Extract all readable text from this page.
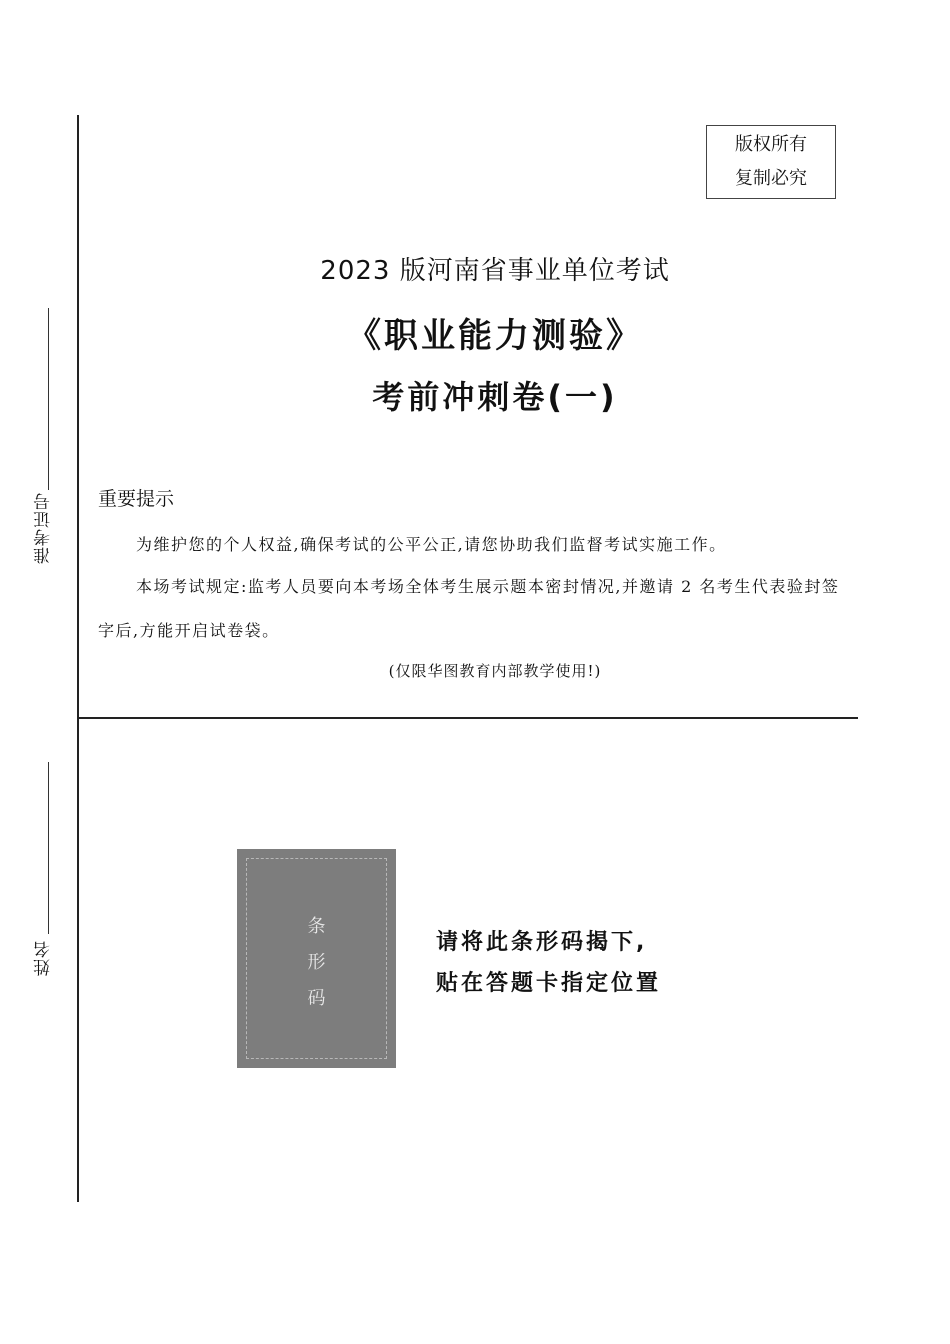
准考证号
姓名
版权所有
复制必究
2023 版河南省事业单位考试
《职业能力测验》
考前冲刺卷(一)
重要提示
为维护您的个人权益,确保考试的公平公正,请您协助我们监督考试实施工作。
本场考试规定:监考人员要向本考场全体考生展示题本密封情况,并邀请 2 名考生代表验封签字后,方能开启试卷袋。
(仅限华图教育内部教学使用!)
条
形
码
请将此条形码揭下,
贴在答题卡指定位置
